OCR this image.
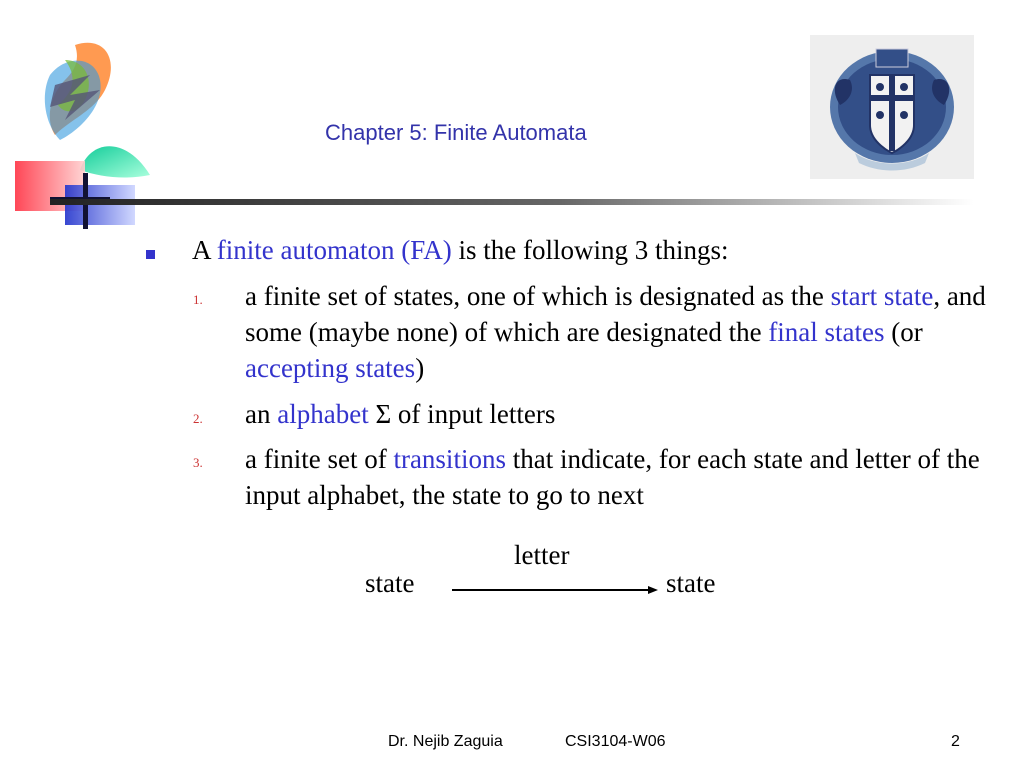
Chapter 5: Finite Automata
A finite automaton (FA) is the following 3 things:
1. a finite set of states, one of which is designated as the start state, and some (maybe none) of which are designated the final states (or accepting states)
2. an alphabet Σ of input letters
3. a finite set of transitions that indicate, for each state and letter of the input alphabet, the state to go to next
letter
state	state
Dr. Nejib Zaguia	CSI3104-W06	2
